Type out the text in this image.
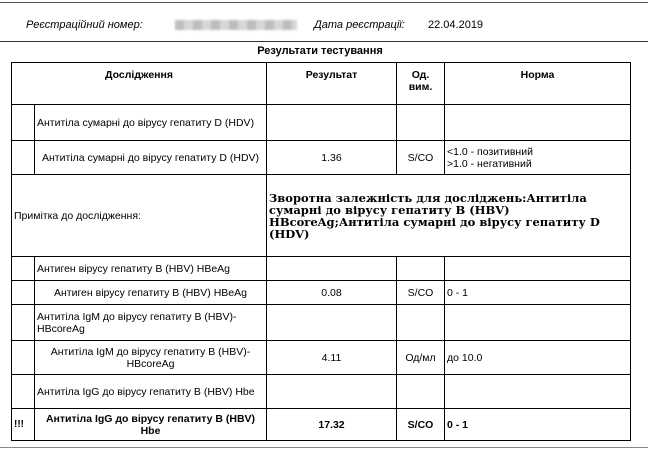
Реєстраційний номер:	Дата реєстрації: 22.04.2019
Результати тестування
Дослідження		Результат	Од. вим.	Норма
	Антитіла сумарні до вірусу гепатиту D (HDV)			
	Антитіла сумарні до вірусу гепатиту D (HDV)	1.36	S/CO	<1.0 - позитивний
>1.0 - негативний

Примітка до дослідження:		Зворотна залежність для досліджень:Антитіла сумарні до вірусу гепатиту В (HBV) HBcoreAg;Антитіла сумарні до вірусу гепатиту D (HDV)		
	Антиген вірусу гепатиту В (HBV) HBeAg			
	Антиген вірусу гепатиту В (HBV) HBeAg	0.08	S/CO	0 - 1
	Антитіла IgM до вірусу гепатиту В (HBV)-HBcoreAg			
	Антитіла IgM до вірусу гепатиту В (HBV)-HBcoreAg	4.11	Од/мл	до 10.0
	Антитіла IgG до вірусу гепатиту В (HBV) Hbe			
!!!	Антитіла IgG до вірусу гепатиту В (HBV) Hbe	17.32	S/CO	0 - 1
